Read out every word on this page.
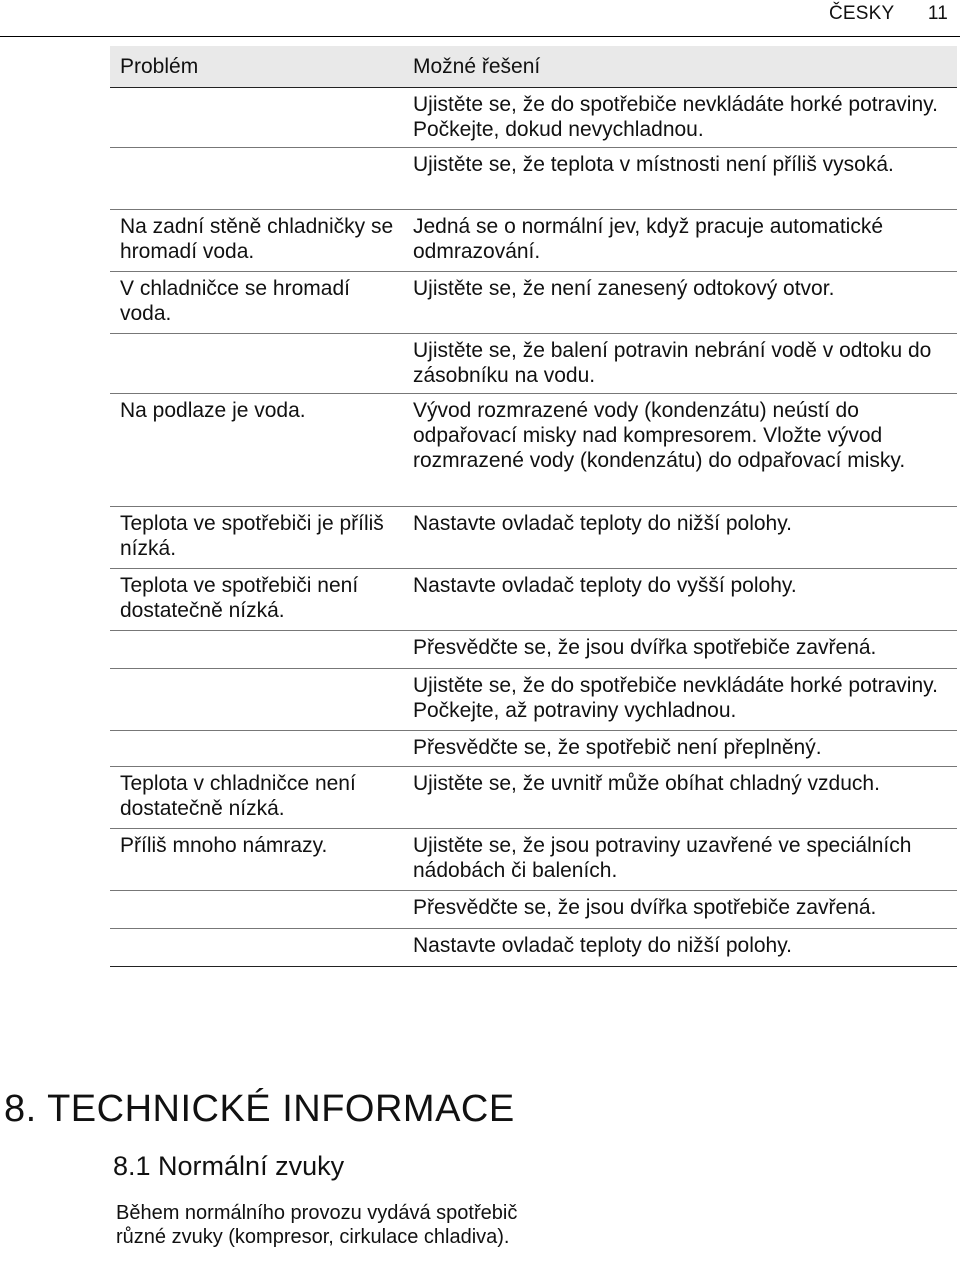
ČESKY 11
Problém	Možné řešení
	Ujistěte se, že do spotřebiče nevkládáte horké potraviny. Počkejte, dokud nevychladnou.
	Ujistěte se, že teplota v místnosti není příliš vysoká.
Na zadní stěně chladničky se hromadí voda.	Jedná se o normální jev, když pracuje automatické odmrazování.
V chladničce se hromadí voda.	Ujistěte se, že není zanesený odtokový otvor.
	Ujistěte se, že balení potravin nebrání vodě v odtoku do zásobníku na vodu.
Na podlaze je voda.	Vývod rozmrazené vody (kondenzátu) neústí do odpařovací misky nad kompresorem. Vložte vývod rozmrazené vody (kondenzátu) do odpařovací misky.
Teplota ve spotřebiči je příliš nízká.	Nastavte ovladač teploty do nižší polohy.
Teplota ve spotřebiči není dostatečně nízká.	Nastavte ovladač teploty do vyšší polohy.
	Přesvědčte se, že jsou dvířka spotřebiče zavřená.
	Ujistěte se, že do spotřebiče nevkládáte horké potraviny. Počkejte, až potraviny vychladnou.
	Přesvědčte se, že spotřebič není přeplněný.
Teplota v chladničce není dostatečně nízká.	Ujistěte se, že uvnitř může obíhat chladný vzduch.
Příliš mnoho námrazy.	Ujistěte se, že jsou potraviny uzavřené ve speciálních nádobách či baleních.
	Přesvědčte se, že jsou dvířka spotřebiče zavřená.
	Nastavte ovladač teploty do nižší polohy.
8. TECHNICKÉ INFORMACE
8.1 Normální zvuky
Během normálního provozu vydává spotřebič různé zvuky (kompresor, cirkulace chladiva).
